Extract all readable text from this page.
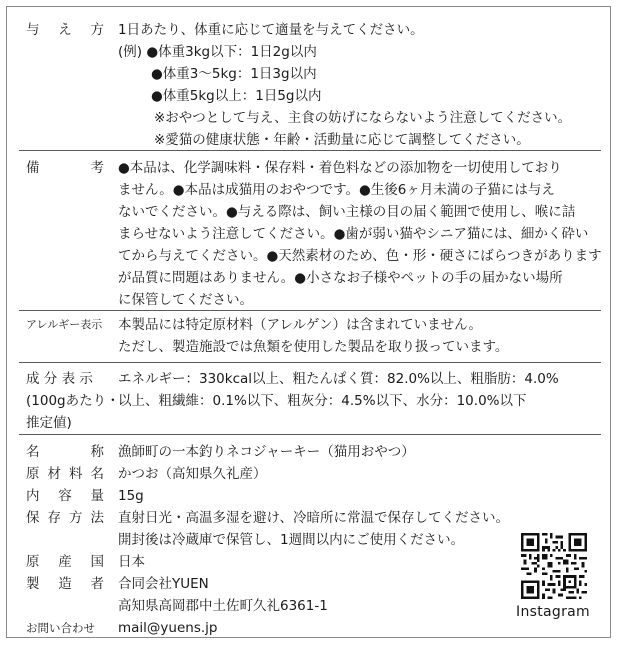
与 え 方 1日あたり、体重に応じて適量を与えてください。
(例) ●体重3kg以下：1日2g以内
●体重3〜5kg：1日3g以内
●体重5kg以上：1日5g以内
※おやつとして与え、主食の妨げにならないよう注意してください。
※愛猫の健康状態・年齢・活動量に応じて調整してください。
備	考 ●本品は、化学調味料・保存料・着色料などの添加物を一切使用しており
ません。●本品は成猫用のおやつです。●生後6ヶ月未満の子猫には与え
ないでください。●与える際は、飼い主様の目の届く範囲で使用し、喉に詰
まらせないよう注意してください。●歯が弱い猫やシニア猫には、細かく砕い
てから与えてください。●天然素材のため、色・形・硬さにばらつきがあります
が品質に問題はありません。●小さなお子様やペットの手の届かない場所
に保管してください。
アレルギー表示 本製品には特定原材料（アレルゲン）は含まれていません。
ただし、製造施設では魚類を使用した製品を取り扱っています。
成 分 表 示
(100gあたり・
推定値)
エネルギー：330kcal以上、粗たんぱく質：82.0%以上、粗脂肪：4.0%
以上、粗繊維：0.1%以下、粗灰分：4.5%以下、水分：10.0%以下
名	称
原 材 料 名
内 容 量
保 存 方 法
原 産 国
製 造 者
お問い合わせ
漁師町の一本釣りネコジャーキー（猫用おやつ）
かつお（高知県久礼産）
15g
直射日光・高温多湿を避け、冷暗所に常温で保存してください。
開封後は冷蔵庫で保管し、1週間以内にご使用ください。
日本
合同会社YUEN
高知県高岡郡中土佐町久礼6361-1
mail@yuens.jp
Instagram
